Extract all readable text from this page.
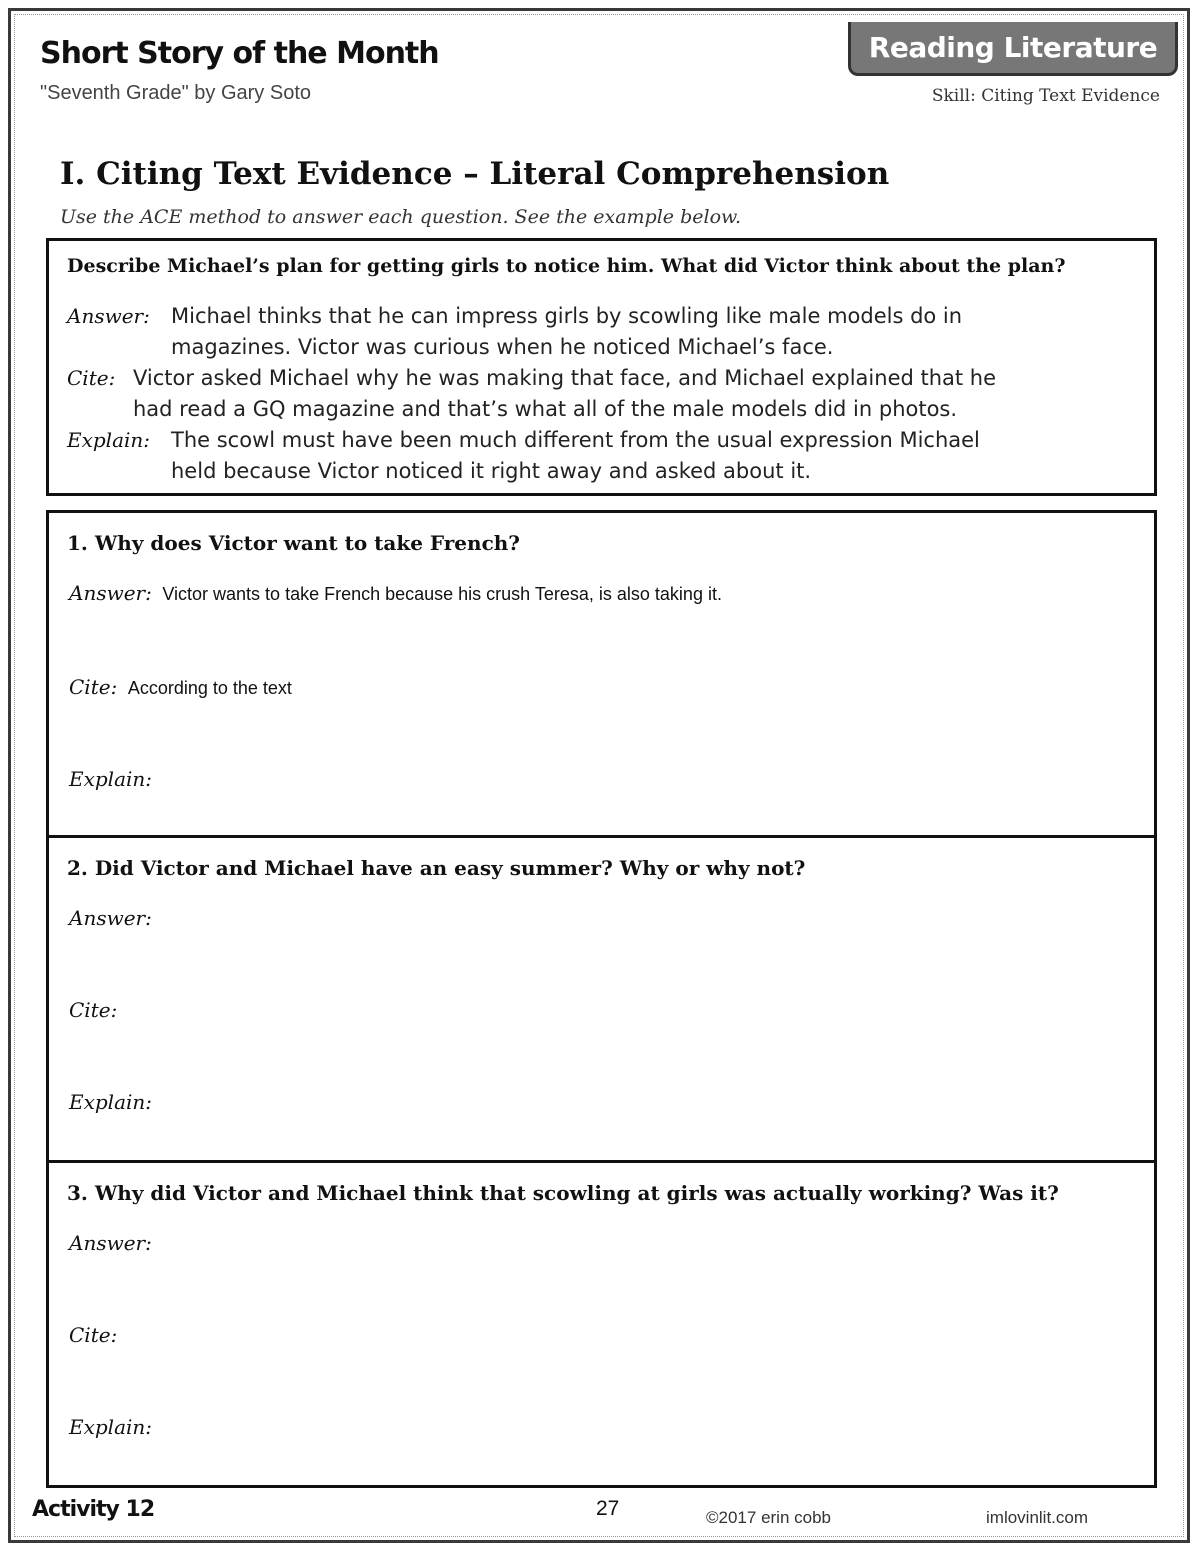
Short Story of the Month
"Seventh Grade" by Gary Soto
Reading Literature
Skill: Citing Text Evidence
I. Citing Text Evidence – Literal Comprehension
Use the ACE method to answer each question. See the example below.
Describe Michael’s plan for getting girls to notice him. What did Victor think about the plan?
Answer:	Michael thinks that he can impress girls by scowling like male models do in
magazines. Victor was curious when he noticed Michael’s face.
Cite: Victor asked Michael why he was making that face, and Michael explained that he
had read a GQ magazine and that’s what all of the male models did in photos.
Explain: The scowl must have been much different from the usual expression Michael
held because Victor noticed it right away and asked about it.
1. Why does Victor want to take French?
Answer: Victor wants to take French because his crush Teresa, is also taking it.
Cite: According to the text
Explain:
2. Did Victor and Michael have an easy summer? Why or why not?
Answer:
Cite:
Explain:
3. Why did Victor and Michael think that scowling at girls was actually working? Was it?
Answer:
Cite:
Explain:
Activity 12	27	©2017 erin cobb	imlovinlit.com
